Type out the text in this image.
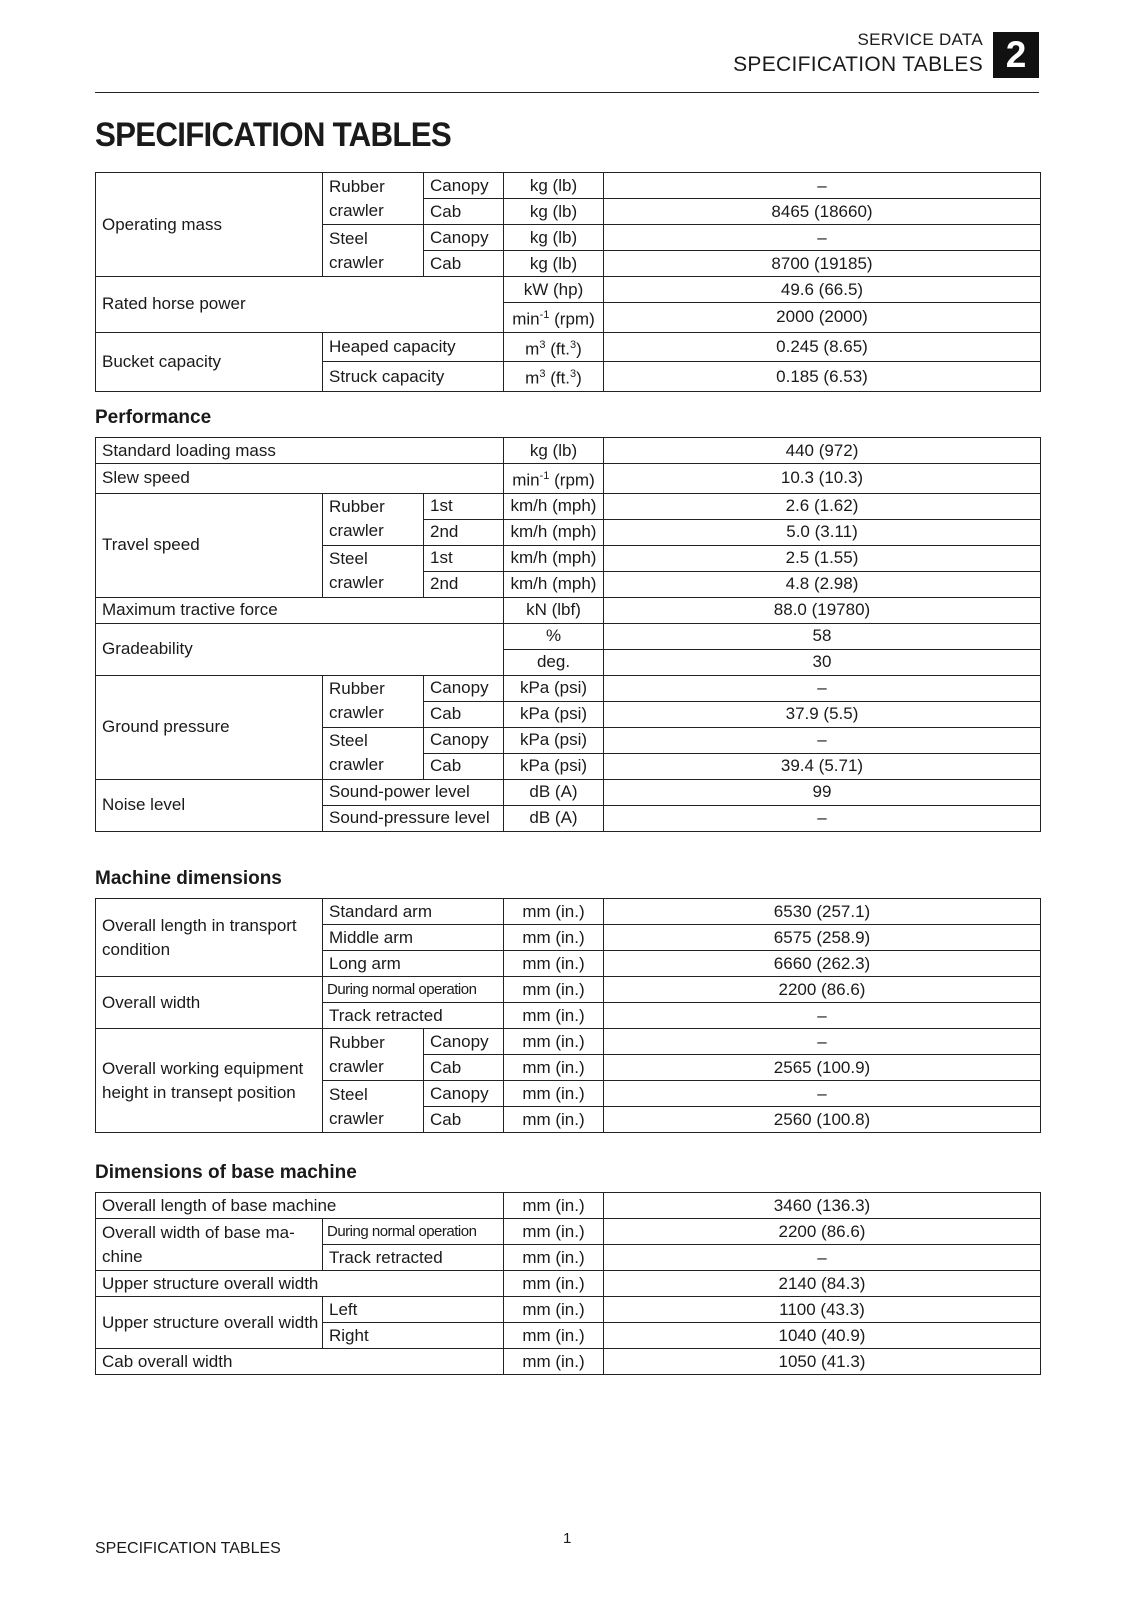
SERVICE DATA
SPECIFICATION TABLES 2
SPECIFICATION TABLES
Operating mass	Rubber crawler	Canopy	kg (lb)	–
		Cab	kg (lb)	8465 (18660)
	Steel crawler	Canopy	kg (lb)	–
		Cab	kg (lb)	8700 (19185)
Rated horse power			kW (hp)	49.6 (66.5)
			$\min^{-1} (rpm)$	2000 (2000)
Bucket capacity	Heaped capacity		$m^3$ (ft.$^3$)	0.245 (8.65)
	Struck capacity		$m^3$ (ft.$^3$)	0.185 (6.53)
Performance
Standard loading mass			kg (lb)	440 (972)
Slew speed			$\min^{-1} (rpm)$	10.3 (10.3)
Travel speed	Rubber crawler	1st	km/h (mph)	2.6 (1.62)
		2nd	km/h (mph)	5.0 (3.11)
	Steel crawler	1st	km/h (mph)	2.5 (1.55)
		2nd	km/h (mph)	4.8 (2.98)
Maximum tractive force			kN (lbf)	88.0 (19780)
Gradeability			%	58
			deg.	30
Ground pressure	Rubber crawler	Canopy	kPa (psi)	–
		Cab	kPa (psi)	37.9 (5.5)
	Steel crawler	Canopy	kPa (psi)	–
		Cab	kPa (psi)	39.4 (5.71)
Noise level	Sound-power level		dB (A)	99
	Sound-pressure level		dB (A)	–
Machine dimensions
Overall length in transport condition	Standard arm		mm (in.)	6530 (257.1)
	Middle arm		mm (in.)	6575 (258.9)
	Long arm		mm (in.)	6660 (262.3)
Overall width	During normal operation		mm (in.)	2200 (86.6)
	Track retracted		mm (in.)	–
Overall working equipment height in transept position	Rubber crawler	Canopy	mm (in.)	–
		Cab	mm (in.)	2565 (100.9)
	Steel crawler	Canopy	mm (in.)	–
		Cab	mm (in.)	2560 (100.8)
Dimensions of base machine
Overall length of base machine		mm (in.)	3460 (136.3)
Overall width of base ma-chine	During normal operation	mm (in.)	2200 (86.6)
	Track retracted	mm (in.)	–
Upper structure overall width		mm (in.)	2140 (84.3)
Upper structure overall width	Left	mm (in.)	1100 (43.3)
	Right	mm (in.)	1040 (40.9)
Cab overall width		mm (in.)	1050 (41.3)
1
SPECIFICATION TABLES
